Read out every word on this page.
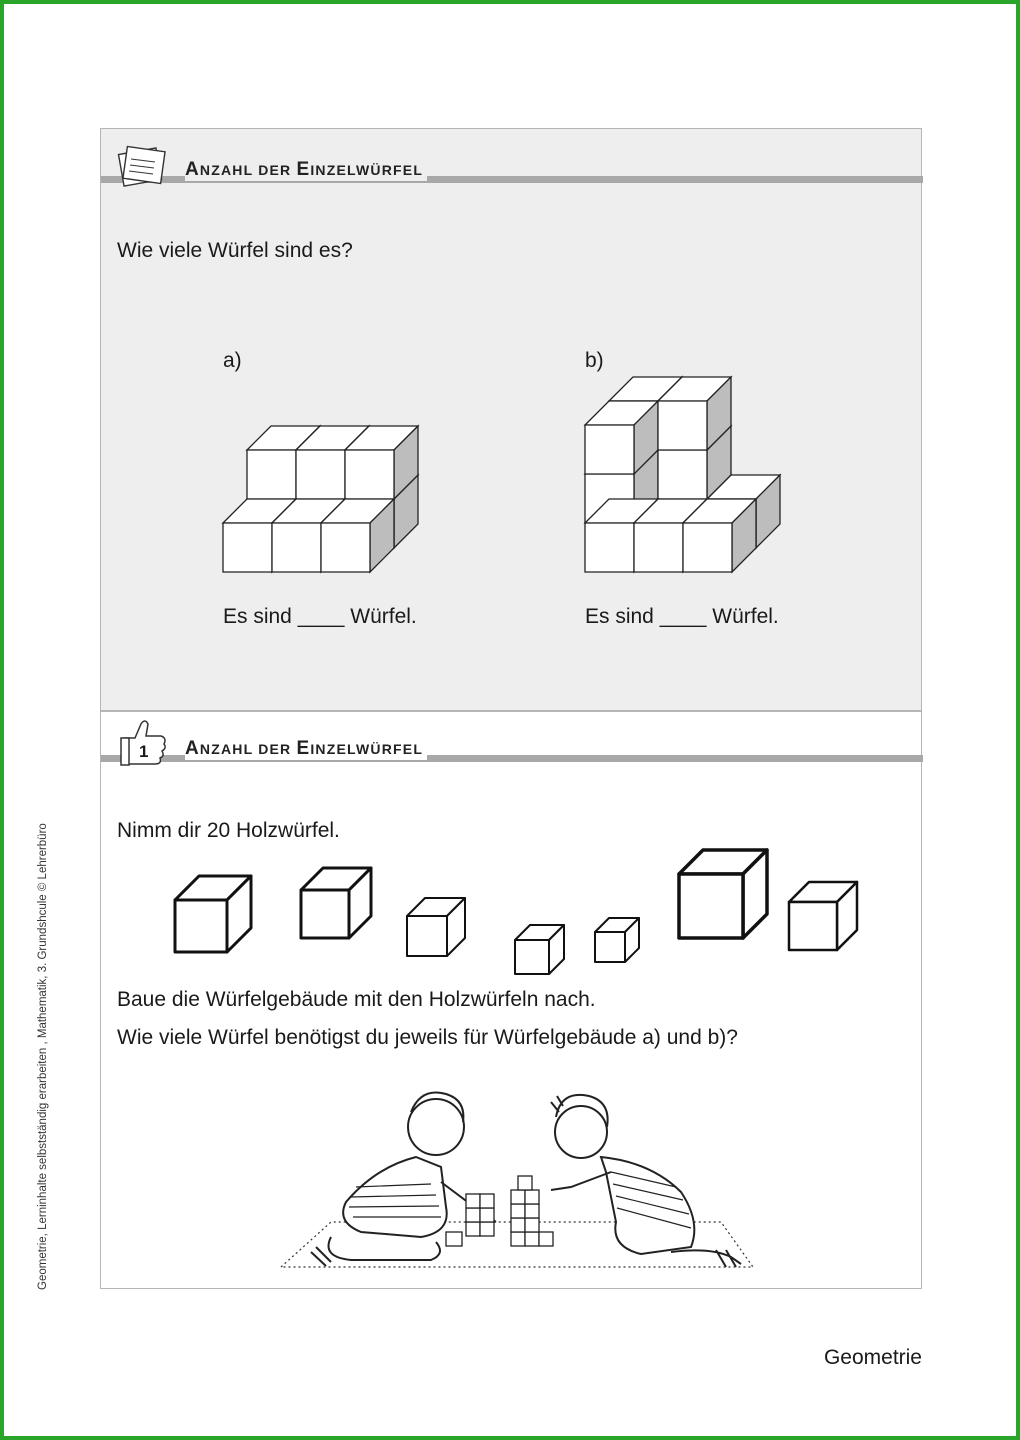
Geometrie, Lerninhalte selbstständig erarbeiten , Mathematik, 3. Grundshcule © Lehrerbüro
ANZAHL DER EINZELWÜRFEL
Wie viele Würfel sind es?
a)	b)
Es sind ____ Würfel.	Es sind ____ Würfel.
1 ANZAHL DER EINZELWÜRFEL
Nimm dir 20 Holzwürfel.
Baue die Würfelgebäude mit den Holzwürfeln nach.
Wie viele Würfel benötigst du jeweils für Würfelgebäude a) und b)?
Geometrie
